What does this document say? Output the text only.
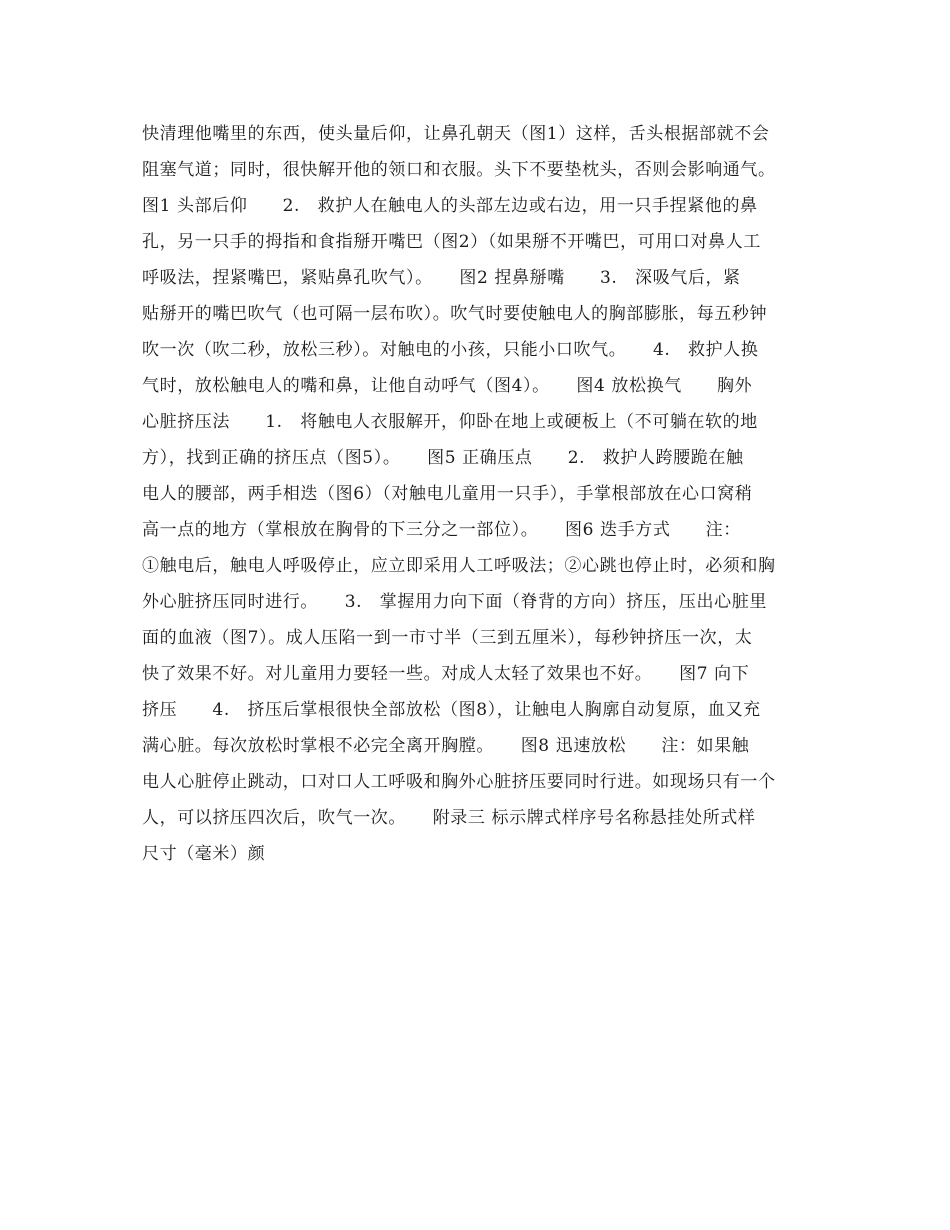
快清理他嘴里的东西，使头量后仰，让鼻孔朝天（图1）这样，舌头根据部就不会
阻塞气道；同时，很快解开他的领口和衣服。头下不要垫枕头，否则会影响通气。
图1 头部后仰　　2.　救护人在触电人的头部左边或右边，用一只手捏紧他的鼻
孔，另一只手的拇指和食指掰开嘴巴（图2）（如果掰不开嘴巴，可用口对鼻人工
呼吸法，捏紧嘴巴，紧贴鼻孔吹气）。　　图2 捏鼻掰嘴　　3.　深吸气后，紧
贴掰开的嘴巴吹气（也可隔一层布吹）。吹气时要使触电人的胸部膨胀，每五秒钟
吹一次（吹二秒，放松三秒）。对触电的小孩，只能小口吹气。　　4.　救护人换
气时，放松触电人的嘴和鼻，让他自动呼气（图4）。　　图4 放松换气　　胸外
心脏挤压法　　1.　将触电人衣服解开，仰卧在地上或硬板上（不可躺在软的地
方），找到正确的挤压点（图5）。　　图5 正确压点　　2.　救护人跨腰跪在触
电人的腰部，两手相迭（图6）（对触电儿童用一只手），手掌根部放在心口窝稍
高一点的地方（掌根放在胸骨的下三分之一部位）。　　图6 迭手方式　　注：
①触电后，触电人呼吸停止，应立即采用人工呼吸法；②心跳也停止时，必须和胸
外心脏挤压同时进行。　　3.　掌握用力向下面（脊背的方向）挤压，压出心脏里
面的血液（图7）。成人压陷一到一市寸半（三到五厘米），每秒钟挤压一次，太
快了效果不好。对儿童用力要轻一些。对成人太轻了效果也不好。　　图7 向下
挤压　　4.　挤压后掌根很快全部放松（图8），让触电人胸廓自动复原，血又充
满心脏。每次放松时掌根不必完全离开胸膛。　　图8 迅速放松　　注：如果触
电人心脏停止跳动，口对口人工呼吸和胸外心脏挤压要同时行进。如现场只有一个
人，可以挤压四次后，吹气一次。　　附录三 标示牌式样序号名称悬挂处所式样
尺寸（毫米）颜
